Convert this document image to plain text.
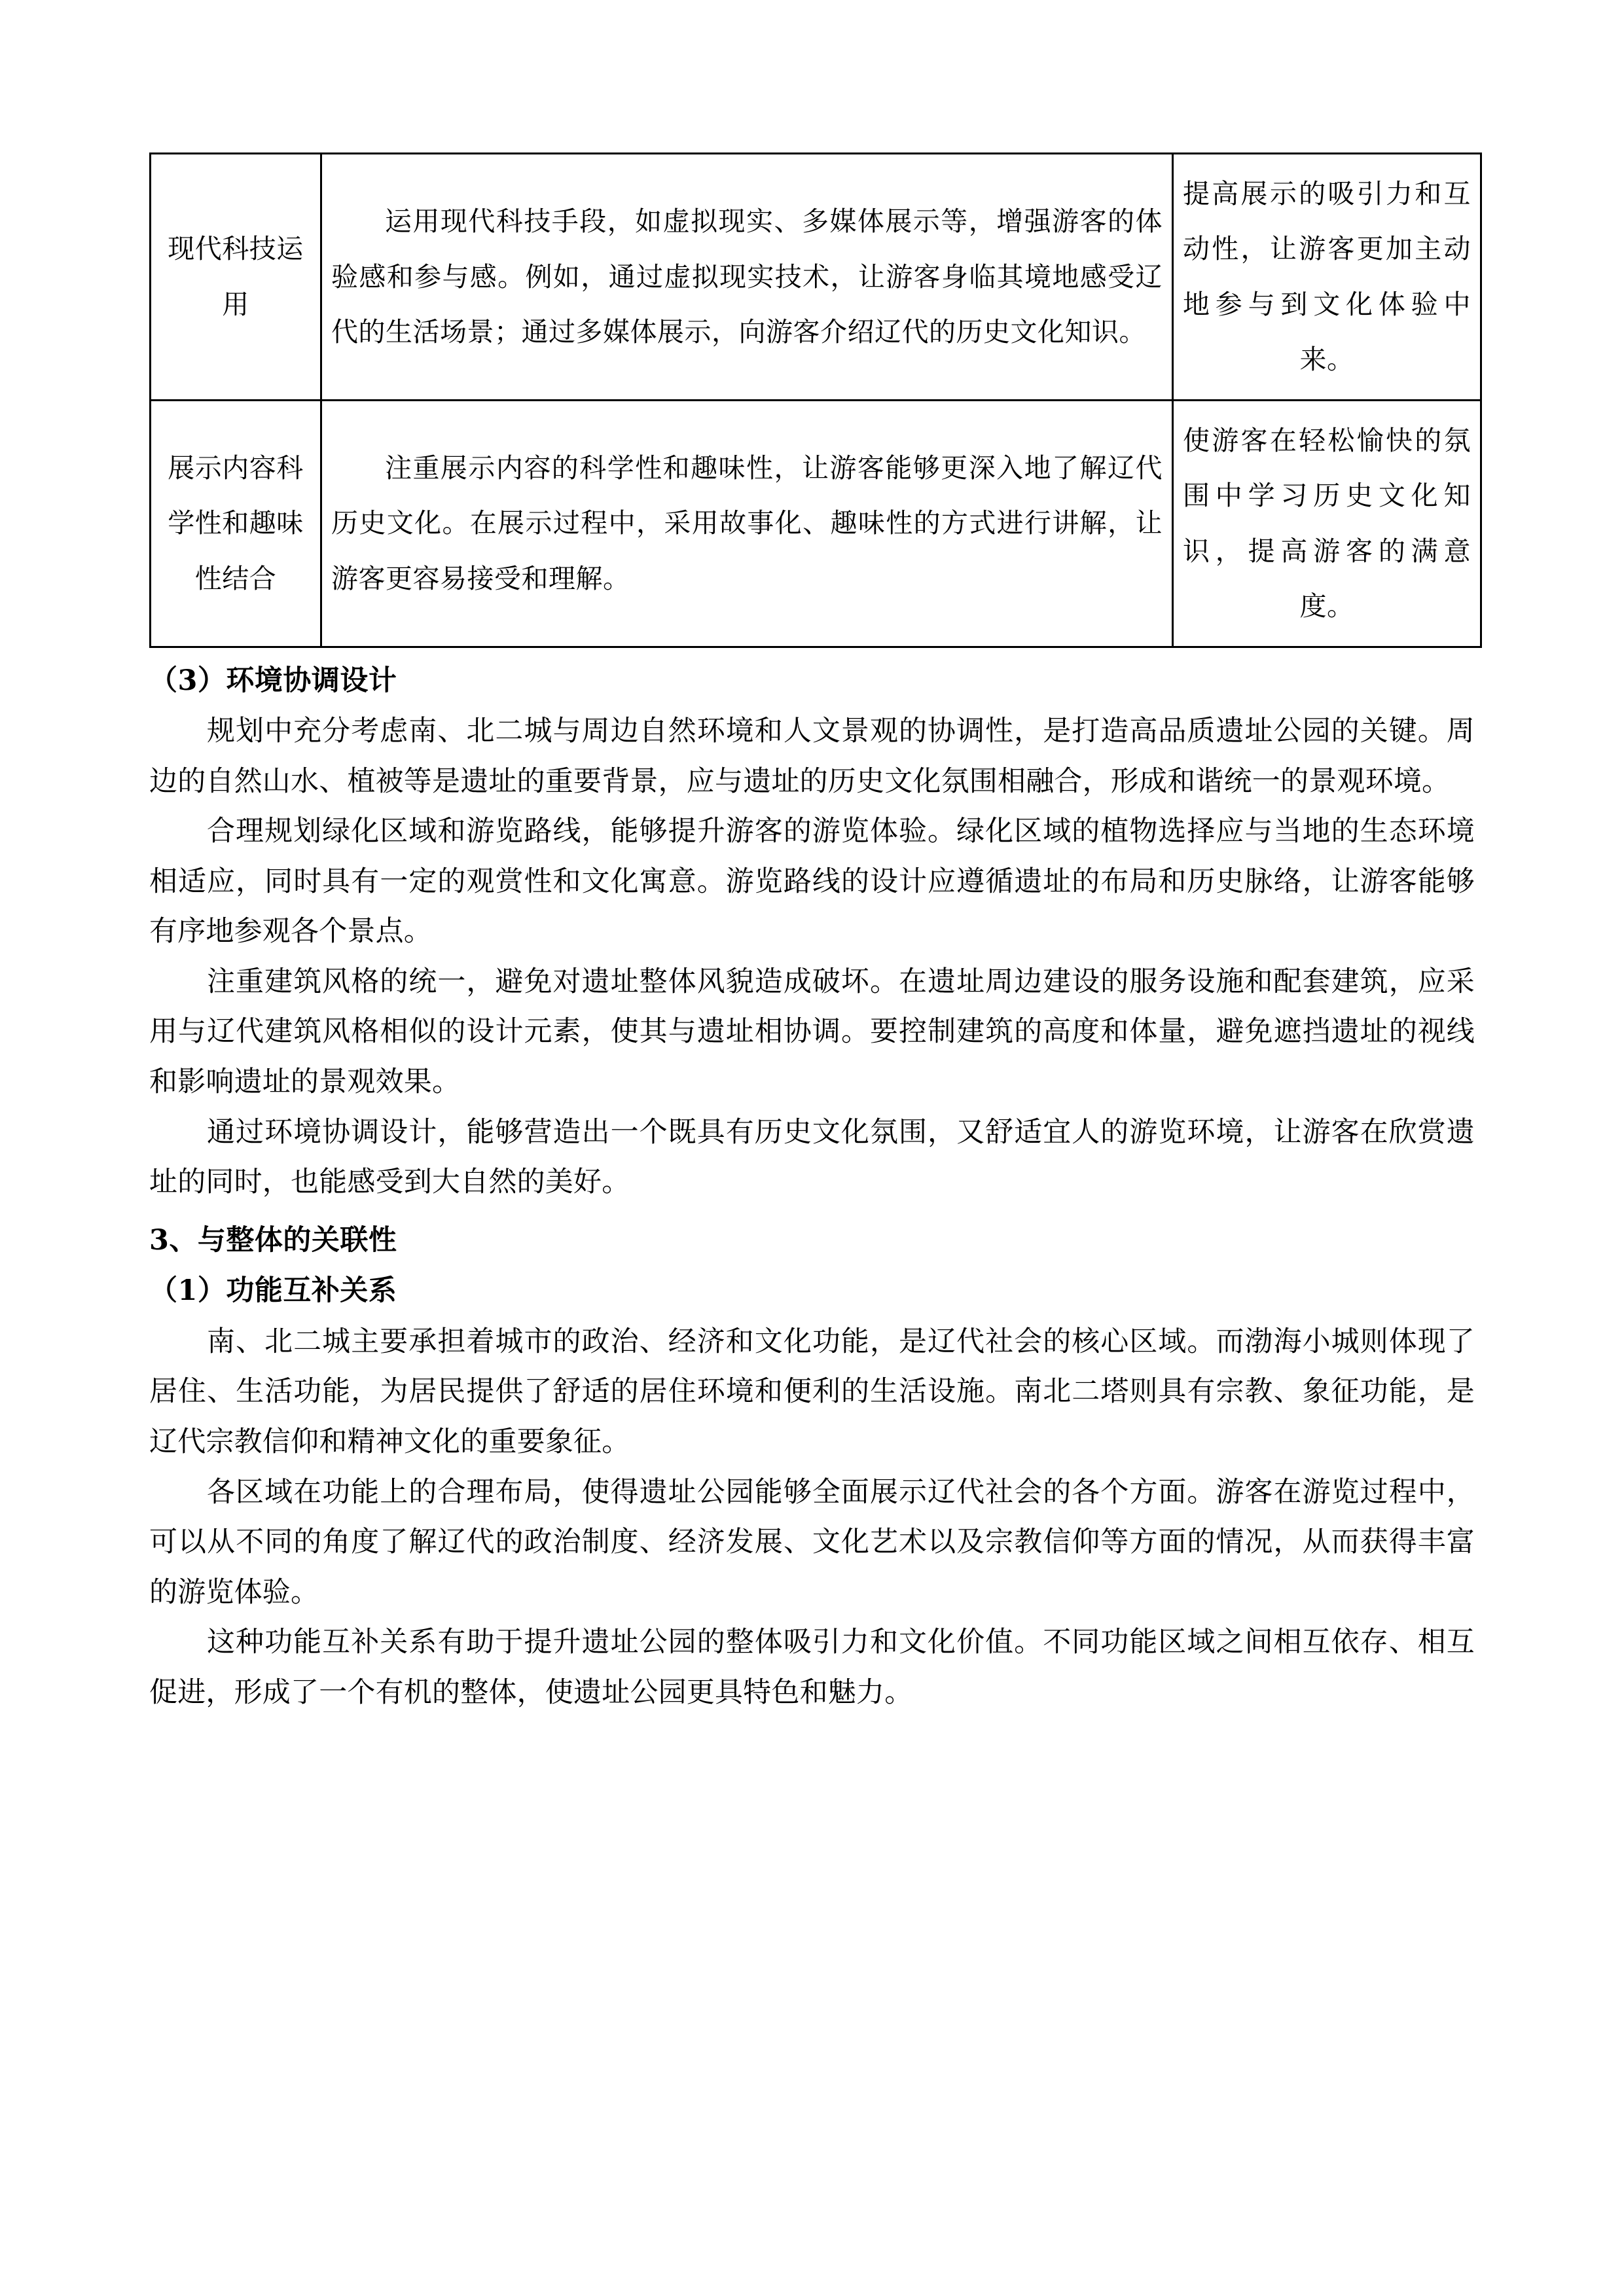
现代科技运用	运用现代科技手段，如虚拟现实、多媒体展示等，增强游客的体验感和参与感。例如，通过虚拟现实技术，让游客身临其境地感受辽代的生活场景；通过多媒体展示，向游客介绍辽代的历史文化知识。	提高展示的吸引力和互动性，让游客更加主动地参与到文化体验中来。
展示内容科学性和趣味性结合	注重展示内容的科学性和趣味性，让游客能够更深入地了解辽代历史文化。在展示过程中，采用故事化、趣味性的方式进行讲解，让游客更容易接受和理解。	使游客在轻松愉快的氛围中学习历史文化知识，提高游客的满意度。
（3）环境协调设计

规划中充分考虑南、北二城与周边自然环境和人文景观的协调性，是打造高品质遗址公园的关键。周边的自然山水、植被等是遗址的重要背景，应与遗址的历史文化氛围相融合，形成和谐统一的景观环境。

合理规划绿化区域和游览路线，能够提升游客的游览体验。绿化区域的植物选择应与当地的生态环境相适应，同时具有一定的观赏性和文化寓意。游览路线的设计应遵循遗址的布局和历史脉络，让游客能够有序地参观各个景点。

注重建筑风格的统一，避免对遗址整体风貌造成破坏。在遗址周边建设的服务设施和配套建筑，应采用与辽代建筑风格相似的设计元素，使其与遗址相协调。要控制建筑的高度和体量，避免遮挡遗址的视线和影响遗址的景观效果。

通过环境协调设计，能够营造出一个既具有历史文化氛围，又舒适宜人的游览环境，让游客在欣赏遗址的同时，也能感受到大自然的美好。

3、与整体的关联性
（1）功能互补关系

南、北二城主要承担着城市的政治、经济和文化功能，是辽代社会的核心区域。而渤海小城则体现了居住、生活功能，为居民提供了舒适的居住环境和便利的生活设施。南北二塔则具有宗教、象征功能，是辽代宗教信仰和精神文化的重要象征。

各区域在功能上的合理布局，使得遗址公园能够全面展示辽代社会的各个方面。游客在游览过程中，可以从不同的角度了解辽代的政治制度、经济发展、文化艺术以及宗教信仰等方面的情况，从而获得丰富的游览体验。

这种功能互补关系有助于提升遗址公园的整体吸引力和文化价值。不同功能区域之间相互依存、相互促进，形成了一个有机的整体，使遗址公园更具特色和魅力。
